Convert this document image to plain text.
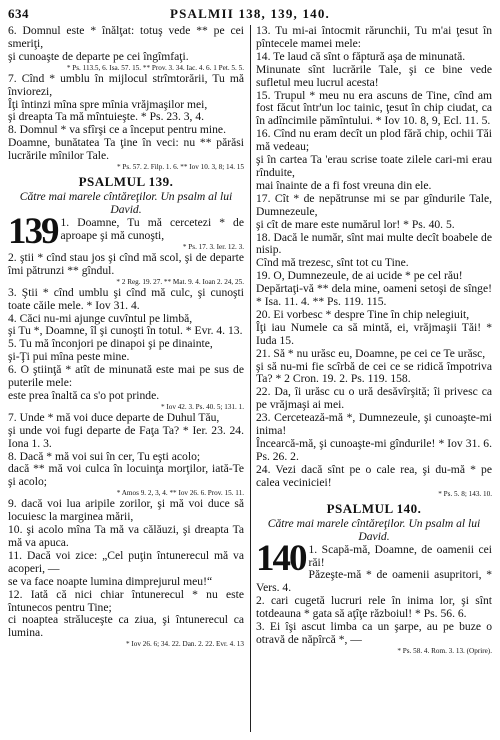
634	PSALMII 138, 139, 140.

6. Domnul este * înălţat: totuş vede ** pe cei smeriţi,

şi cunoaşte de departe pe cei îngîmfaţi.

* Ps. 113.5, 6. Isa. 57. 15. ** Prov. 3. 34. Iac. 4. 6. 1 Pet. 5. 5.

7. Cînd * umblu în mijlocul strîmtorării, Tu mă înviorezi,

Îţi întinzi mîna spre mînia vrăjmaşilor mei,

şi dreapta Ta mă mîntuieşte. * Ps. 23. 3, 4.

8. Domnul * va sfîrşi ce a început pentru mine.

Doamne, bunătatea Ta ţine în veci: nu ** părăsi lucrările mînilor Tale.

* Ps. 57. 2. Filp. 1. 6. ** Iov 10. 3, 8; 14. 15

PSALMUL 139.
Către mai marele cîntăreţilor. Un psalm al lui David.
139 1. Doamne, Tu mă cercetezi * de aproape şi mă cunoşti,

* Ps. 17. 3. Ier. 12. 3.

2. ştii * cînd stau jos şi cînd mă scol, şi de departe îmi pătrunzi ** gîndul.

* 2 Reg. 19. 27. ** Mat. 9. 4. Ioan 2. 24, 25.

3. Ştii * cînd umblu şi cînd mă culc, şi cunoşti toate căile mele. * Iov 31. 4.

4. Căci nu-mi ajunge cuvîntul pe limbă,

şi Tu *, Doamne, îl şi cunoşti în totul. * Evr. 4. 13.

5. Tu mă înconjori pe dinapoi şi pe dinainte,

şi-Ţi pui mîna peste mine.

6. O ştiinţă * atît de minunată este mai pe sus de puterile mele:

este prea înaltă ca s'o pot prinde.

* Iov 42. 3. Ps. 40. 5; 131. 1.

7. Unde * mă voi duce departe de Duhul Tău,

şi unde voi fugi departe de Faţa Ta? * Ier. 23. 24. Iona 1. 3.

8. Dacă * mă voi sui în cer, Tu eşti acolo;

dacă ** mă voi culca în locuinţa morţilor, iată-Te şi acolo;

* Amos 9. 2, 3, 4. ** Iov 26. 6. Prov. 15. 11.

9. dacă voi lua aripile zorilor, şi mă voi duce să locuiesc la marginea mării,

10. şi acolo mîna Ta mă va călăuzi, şi dreapta Ta mă va apuca.

11. Dacă voi zice: „Cel puţin întunerecul mă va acoperi, —

se va face noapte lumina dimprejurul meu!“

12. Iată că nici chiar întunerecul * nu este întunecos pentru Tine;

ci noaptea străluceşte ca ziua, şi întunerecul ca lumina.

* Iov 26. 6; 34. 22. Dan. 2. 22. Evr. 4. 13

13. Tu mi-ai întocmit rărunchii, Tu m'ai ţesut în pîntecele mamei mele:

14. Te laud că sînt o făptură aşa de minunată.

Minunate sînt lucrările Tale, şi ce bine vede sufletul meu lucrul acesta!

15. Trupul * meu nu era ascuns de Tine, cînd am fost făcut într'un loc tainic, ţesut în chip ciudat, ca în adîncimile pămîntului. * Iov 10. 8, 9, Ecl. 11. 5.

16. Cînd nu eram decît un plod fără chip, ochii Tăi mă vedeau;

şi în cartea Ta 'erau scrise toate zilele cari-mi erau rînduite,

mai înainte de a fi fost vreuna din ele.

17. Cît * de nepătrunse mi se par gîndurile Tale, Dumnezeule,

şi cît de mare este numărul lor! * Ps. 40. 5.

18. Dacă le număr, sînt mai multe decît boabele de nisip.

Cînd mă trezesc, sînt tot cu Tine.

19. O, Dumnezeule, de ai ucide * pe cel rău!

Depărtaţi-vă ** dela mine, oameni setoşi de sînge! * Isa. 11. 4. ** Ps. 119. 115.

20. Ei vorbesc * despre Tine în chip nelegiuit,

Îţi iau Numele ca să mintă, ei, vrăjmaşii Tăi! * Iuda 15.

21. Să * nu urăsc eu, Doamne, pe cei ce Te urăsc,

şi să nu-mi fie scîrbă de cei ce se ridică împotriva Ta? * 2 Cron. 19. 2. Ps. 119. 158.

22. Da, îi urăsc cu o ură desăvîrşită; îi privesc ca pe vrăjmaşi ai mei.

23. Cercetează-mă *, Dumnezeule, şi cunoaşte-mi inima!

Încearcă-mă, şi cunoaşte-mi gîndurile! * Iov 31. 6. Ps. 26. 2.

24. Vezi dacă sînt pe o cale rea, şi du-mă * pe calea veciniciei!

* Ps. 5. 8; 143. 10.

PSALMUL 140.
Către mai marele cîntăreţilor. Un psalm al lui David.
140 1. Scapă-mă, Doamne, de oamenii cei răi!

Păzeşte-mă * de oamenii asupritori, * Vers. 4.

2. cari cugetă lucruri rele în inima lor, şi sînt totdeauna * gata să aţîţe războiul! * Ps. 56. 6.

3. Ei îşi ascut limba ca un şarpe, au pe buze o otravă de năpîrcă *, —

* Ps. 58. 4. Rom. 3. 13. (Oprire).
